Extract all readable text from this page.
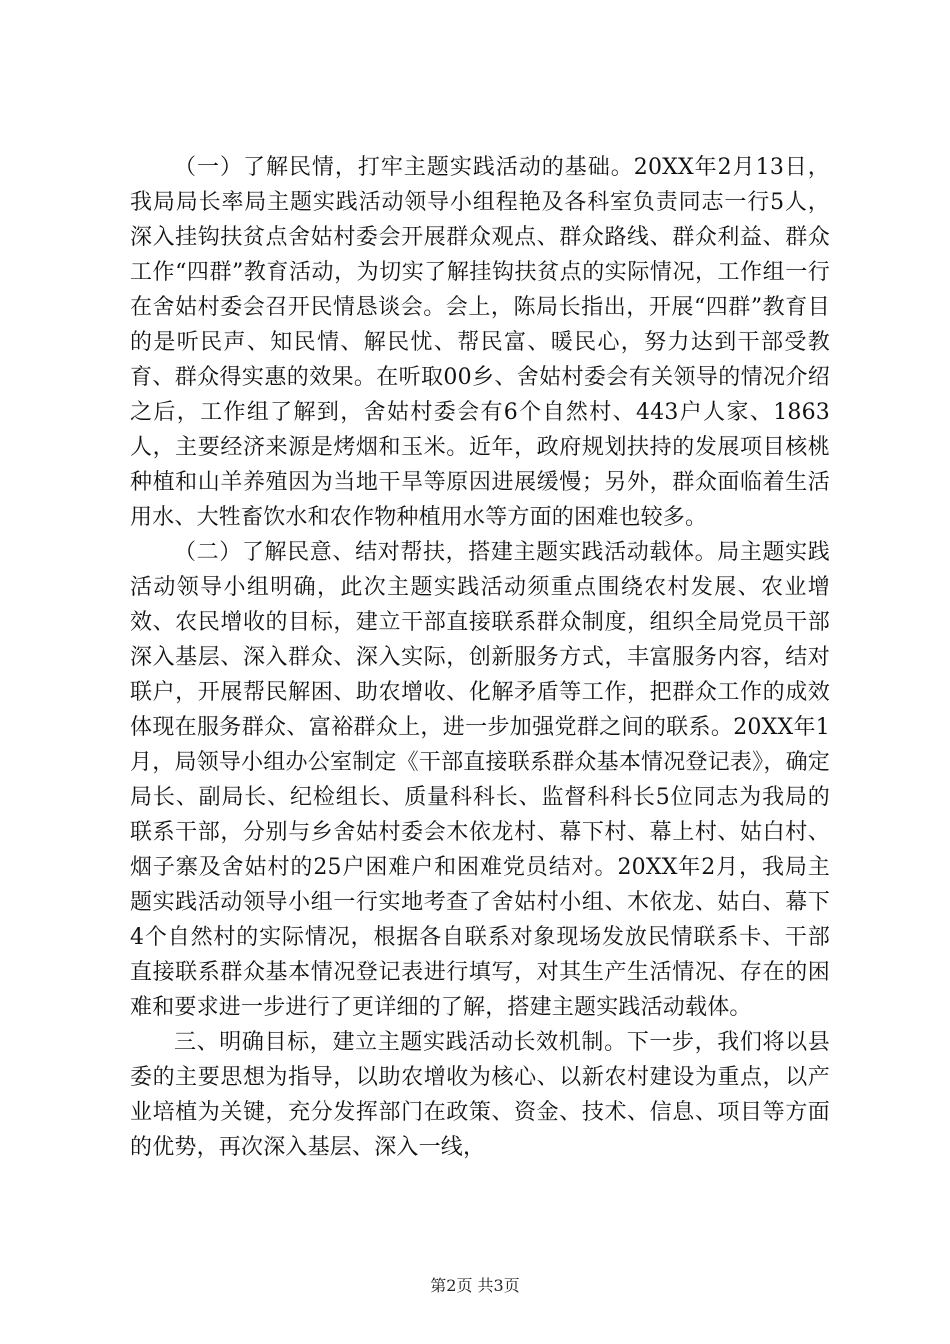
（一）了解民情，打牢主题实践活动的基础。20XX年2月13日，我局局长率局主题实践活动领导小组程艳及各科室负责同志一行5人，深入挂钩扶贫点舍姑村委会开展群众观点、群众路线、群众利益、群众工作“四群”教育活动，为切实了解挂钩扶贫点的实际情况，工作组一行在舍姑村委会召开民情恳谈会。会上，陈局长指出，开展“四群”教育目的是听民声、知民情、解民忧、帮民富、暖民心，努力达到干部受教育、群众得实惠的效果。在听取00乡、舍姑村委会有关领导的情况介绍之后，工作组了解到，舍姑村委会有6个自然村、443户人家、1863人，主要经济来源是烤烟和玉米。近年，政府规划扶持的发展项目核桃种植和山羊养殖因为当地干旱等原因进展缓慢；另外，群众面临着生活用水、大牲畜饮水和农作物种植用水等方面的困难也较多。

（二）了解民意、结对帮扶，搭建主题实践活动载体。局主题实践活动领导小组明确，此次主题实践活动须重点围绕农村发展、农业增效、农民增收的目标，建立干部直接联系群众制度，组织全局党员干部深入基层、深入群众、深入实际，创新服务方式，丰富服务内容，结对联户，开展帮民解困、助农增收、化解矛盾等工作，把群众工作的成效体现在服务群众、富裕群众上，进一步加强党群之间的联系。20XX年1月，局领导小组办公室制定《干部直接联系群众基本情况登记表》，确定局长、副局长、纪检组长、质量科科长、监督科科长5位同志为我局的联系干部，分别与乡舍姑村委会木依龙村、幕下村、幕上村、姑白村、烟子寨及舍姑村的25户困难户和困难党员结对。20XX年2月，我局主题实践活动领导小组一行实地考查了舍姑村小组、木依龙、姑白、幕下4个自然村的实际情况，根据各自联系对象现场发放民情联系卡、干部直接联系群众基本情况登记表进行填写，对其生产生活情况、存在的困难和要求进一步进行了更详细的了解，搭建主题实践活动载体。

三、明确目标，建立主题实践活动长效机制。下一步，我们将以县委的主要思想为指导，以助农增收为核心、以新农村建设为重点，以产业培植为关键，充分发挥部门在政策、资金、技术、信息、项目等方面的优势，再次深入基层、深入一线，

第2页 共3页
